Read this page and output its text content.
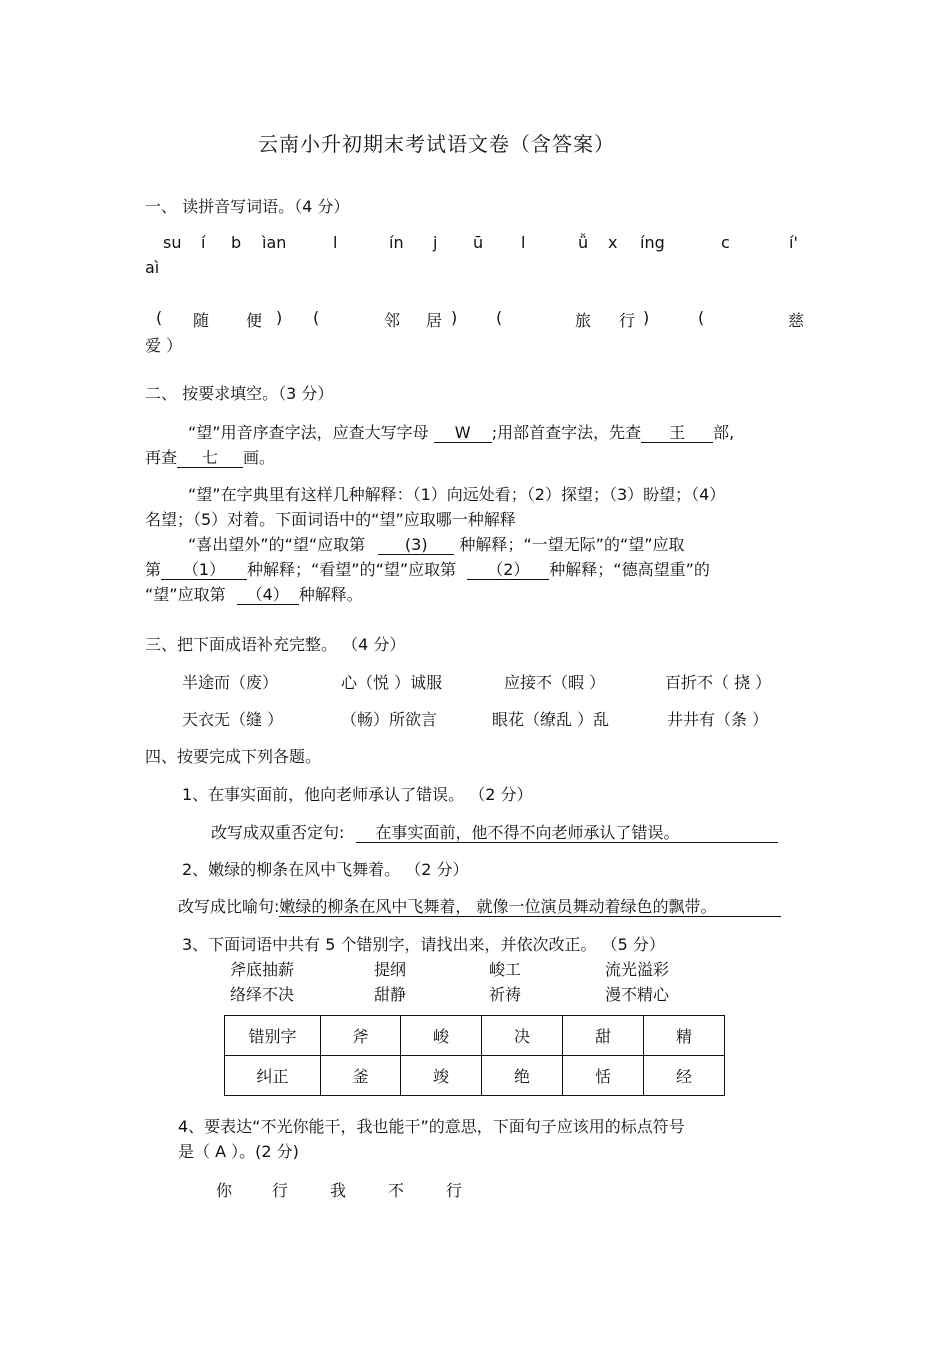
云南小升初期末考试语文卷（含答案）
一、 读拼音写词语。（4 分）
su í b ìan	l	ín j ū l	ǚ x íng	c	í'
aì
( 随 便 ) (	邻 居 ) (	旅 行 )	(	慈
爱 ）
二、 按要求填空。（3 分）
“望”用音序查字法，应查大写字母 W ;用部首查字法，先查 王 部,
再查 七 画。
“望”在字典里有这样几种解释：（1）向远处看；（2）探望；（3）盼望；（4）
名望；（5）对着。下面词语中的“望”应取哪一种解释
“喜出望外”的“望“应取第 (3) 种解释；“一望无际”的“望”应取
第 （1） 种解释；“看望”的“望”应取第 （2） 种解释；“德高望重”的
“望”应取第 （4） 种解释。
三、把下面成语补充完整。 （4 分）
半途而（废）	心（悦 ）诚服	应接不（暇 ）	百折不（ 挠 ）
天衣无（缝 ）	（畅）所欲言	眼花（缭乱 ）乱	井井有（条 ）
四、按要完成下列各题。
1、在事实面前，他向老师承认了错误。 （2 分）
改写成双重否定句: 在事实面前，他不得不向老师承认了错误。
2、嫩绿的柳条在风中飞舞着。 （2 分）
改写成比喻句:嫩绿的柳条在风中飞舞着， 就像一位演员舞动着绿色的飘带。
3、下面词语中共有 5 个错别字，请找出来，并依次改正。 （5 分）
斧底抽薪	提纲	峻工	流光溢彩
络绎不决	甜静	祈祷	漫不精心
错别字	斧	峻	决	甜	精
纠正	釜	竣	绝	恬	经
4、要表达“不光你能干，我也能干”的意思，下面句子应该用的标点符号
是（ A ）。(2 分)
你 行	我	不	行
